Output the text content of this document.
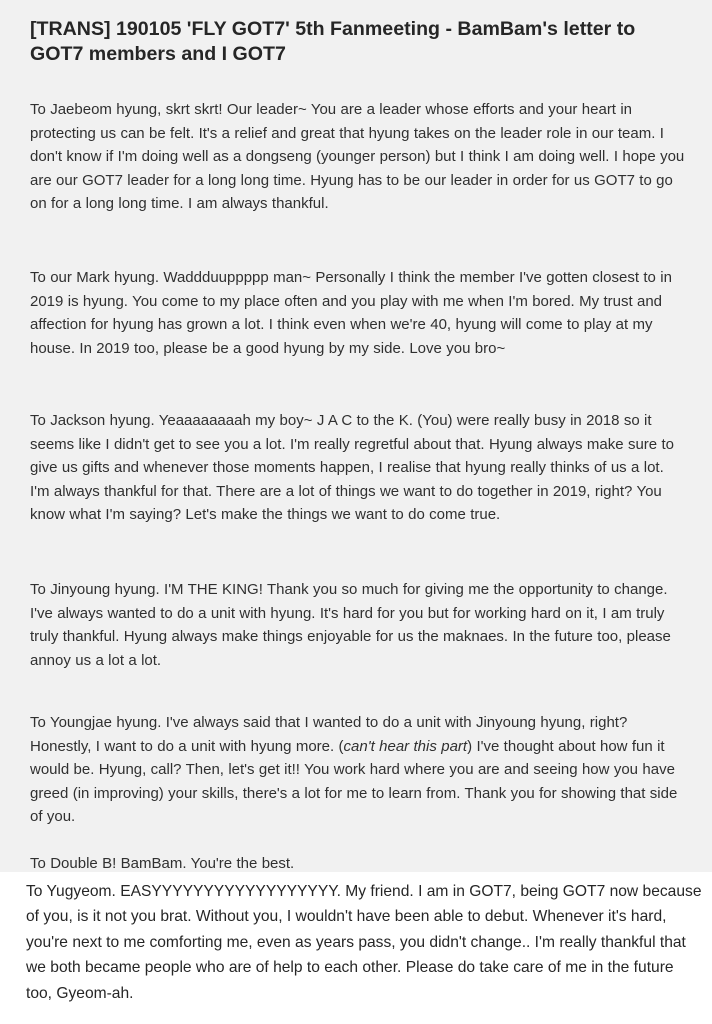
[TRANS] 190105 'FLY GOT7' 5th Fanmeeting - BamBam's letter to GOT7 members and I GOT7

To Jaebeom hyung, skrt skrt! Our leader~ You are a leader whose efforts and your heart in protecting us can be felt. It's a relief and great that hyung takes on the leader role in our team. I don't know if I'm doing well as a dongseng (younger person) but I think I am doing well. I hope you are our GOT7 leader for a long long time. Hyung has to be our leader in order for us GOT7 to go on for a long long time. I am always thankful.

To our Mark hyung. Waddduuppppp man~ Personally I think the member I've gotten closest to in 2019 is hyung. You come to my place often and you play with me when I'm bored. My trust and affection for hyung has grown a lot. I think even when we're 40, hyung will come to play at my house. In 2019 too, please be a good hyung by my side. Love you bro~

To Jackson hyung. Yeaaaaaaaah my boy~ J A C to the K. (You) were really busy in 2018 so it seems like I didn't get to see you a lot. I'm really regretful about that. Hyung always make sure to give us gifts and whenever those moments happen, I realise that hyung really thinks of us a lot. I'm always thankful for that. There are a lot of things we want to do together in 2019, right? You know what I'm saying? Let's make the things we want to do come true.

To Jinyoung hyung. I'M THE KING! Thank you so much for giving me the opportunity to change. I've always wanted to do a unit with hyung. It's hard for you but for working hard on it, I am truly truly thankful. Hyung always make things enjoyable for us the maknaes. In the future too, please annoy us a lot a lot.

To Youngjae hyung. I've always said that I wanted to do a unit with Jinyoung hyung, right? Honestly, I want to do a unit with hyung more. (can't hear this part) I've thought about how fun it would be. Hyung, call? Then, let's get it!! You work hard where you are and seeing how you have greed (in improving) your skills, there's a lot for me to learn from. Thank you for showing that side of you.

To Double B! BamBam. You're the best.

To Yugyeom. EASYYYYYYYYYYYYYYYYYY. My friend. I am in GOT7, being GOT7 now because of you, is it not you brat. Without you, I wouldn't have been able to debut. Whenever it's hard, you're next to me comforting me, even as years pass, you didn't change.. I'm really thankful that we both became people who are of help to each other. Please do take care of me in the future too, Gyeom-ah.
